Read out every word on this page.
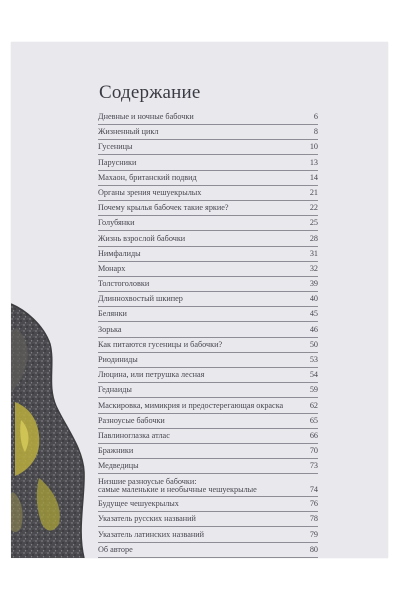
Содержание
Дневные и ночные бабочки	6
Жизненный цикл	8
Гусеницы	10
Парусники	13
Махаон, британский подвид	14
Органы зрения чешуекрылых	21
Почему крылья бабочек такие яркие?	22
Голубянки	25
Жизнь взрослой бабочки	28
Нимфалиды	31
Монарх	32
Толстоголовки	39
Длиннохвостый шкипер	40
Белянки	45
Зорька	46
Как питаются гусеницы и бабочки?	50
Риодиниды	53
Люцина, или петрушка лесная	54
Геднаиды	59
Маскировка, мимикрия и предостерегающая окраска	62
Разноусые бабочки	65
Павлиноглазка атлас	66
Бражники	70
Медведицы	73
Низшие разноусые бабочки:
самые маленькие и необычные чешуекрылые	74
Будущее чешуекрылых	76
Указатель русских названий	78
Указатель латинских названий	79
Об авторе	80
